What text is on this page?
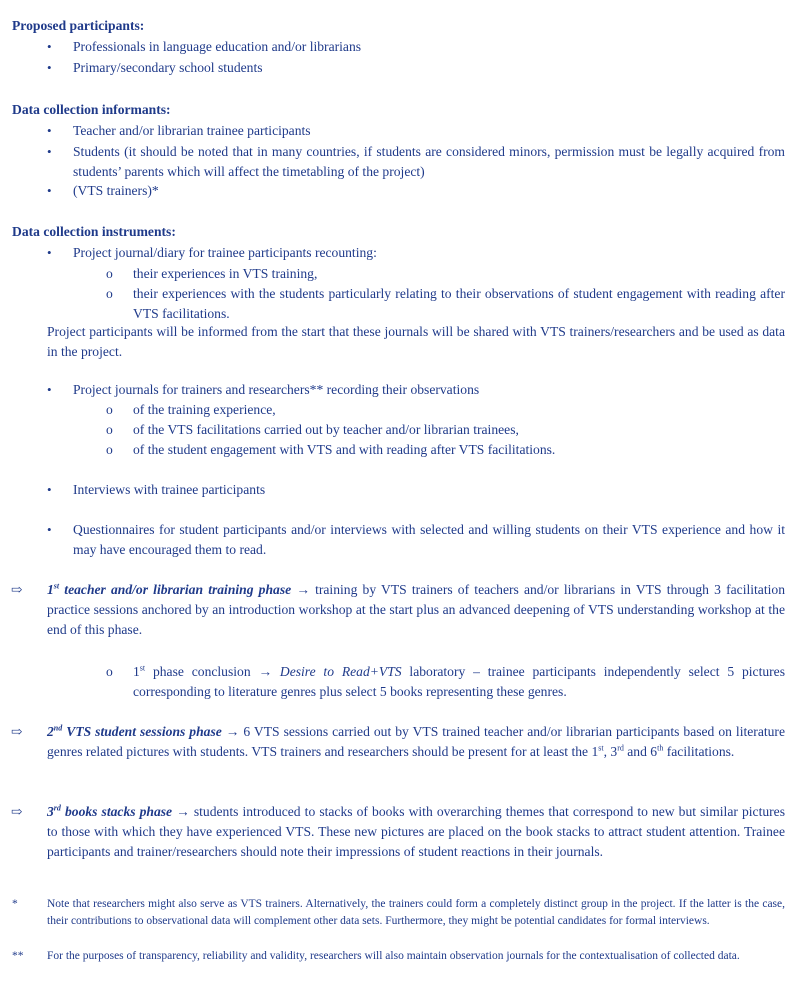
Proposed participants:

•	Professionals in language education and/or librarians

•	Primary/secondary school students

Data collection informants:

•	Teacher and/or librarian trainee participants

•	Students (it should be noted that in many countries, if students are considered minors, permission must be legally acquired from students’ parents which will affect the timetabling of the project)

•	(VTS trainers)*

Data collection instruments:

•	Project journal/diary for trainee participants recounting:

o	their experiences in VTS training,

o	their experiences with the students particularly relating to their observations of student engagement with reading after VTS facilitations.

Project participants will be informed from the start that these journals will be shared with VTS trainers/researchers and be used as data in the project.

•	Project journals for trainers and researchers** recording their observations

o	of the training experience,

o	of the VTS facilitations carried out by teacher and/or librarian trainees,

o	of the student engagement with VTS and with reading after VTS facilitations.

•	Interviews with trainee participants

•	Questionnaires for student participants and/or interviews with selected and willing students on their VTS experience and how it may have encouraged them to read.

⇨	1st teacher and/or librarian training phase → training by VTS trainers of teachers and/or librarians in VTS through 3 facilitation practice sessions anchored by an introduction workshop at the start plus an advanced deepening of VTS understanding workshop at the end of this phase.

o	1st phase conclusion → Desire to Read+VTS laboratory – trainee participants independently select 5 pictures corresponding to literature genres plus select 5 books representing these genres.

⇨	2nd VTS student sessions phase → 6 VTS sessions carried out by VTS trained teacher and/or librarian participants based on literature genres related pictures with students. VTS trainers and researchers should be present for at least the 1st, 3rd and 6th facilitations.

⇨	3rd books stacks phase → students introduced to stacks of books with overarching themes that correspond to new but similar pictures to those with which they have experienced VTS. These new pictures are placed on the book stacks to attract student attention. Trainee participants and trainer/researchers should note their impressions of student reactions in their journals.

*	Note that researchers might also serve as VTS trainers. Alternatively, the trainers could form a completely distinct group in the project. If the latter is the case, their contributions to observational data will complement other data sets. Furthermore, they might be potential candidates for formal interviews.

**	For the purposes of transparency, reliability and validity, researchers will also maintain observation journals for the contextualisation of collected data.
